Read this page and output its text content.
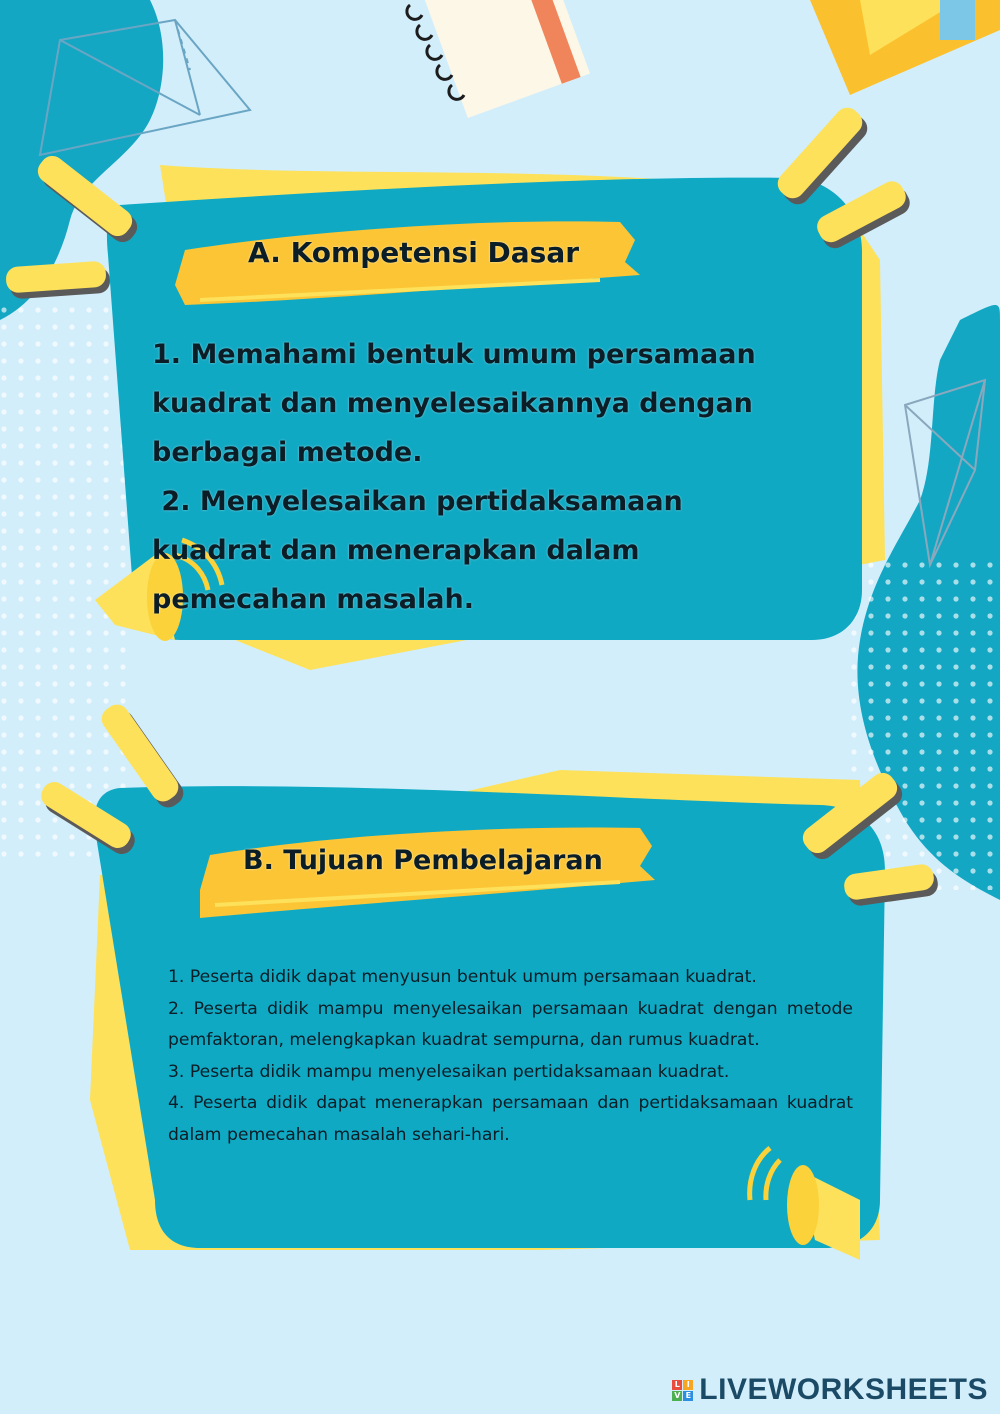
A. Kompetensi Dasar

1. Memahami bentuk umum persamaan kuadrat dan menyelesaikannya dengan berbagai metode.

2. Menyelesaikan pertidaksamaan kuadrat dan menerapkan dalam pemecahan masalah.

B. Tujuan Pembelajaran

1. Peserta didik dapat menyusun bentuk umum persamaan kuadrat.

2. Peserta didik mampu menyelesaikan persamaan kuadrat dengan metode pemfaktoran, melengkapkan kuadrat sempurna, dan rumus kuadrat.

3. Peserta didik mampu menyelesaikan pertidaksamaan kuadrat.

4. Peserta didik dapat menerapkan persamaan dan pertidaksamaan kuadrat dalam pemecahan masalah sehari-hari.

L I
V E LIVEWORKSHEETS
